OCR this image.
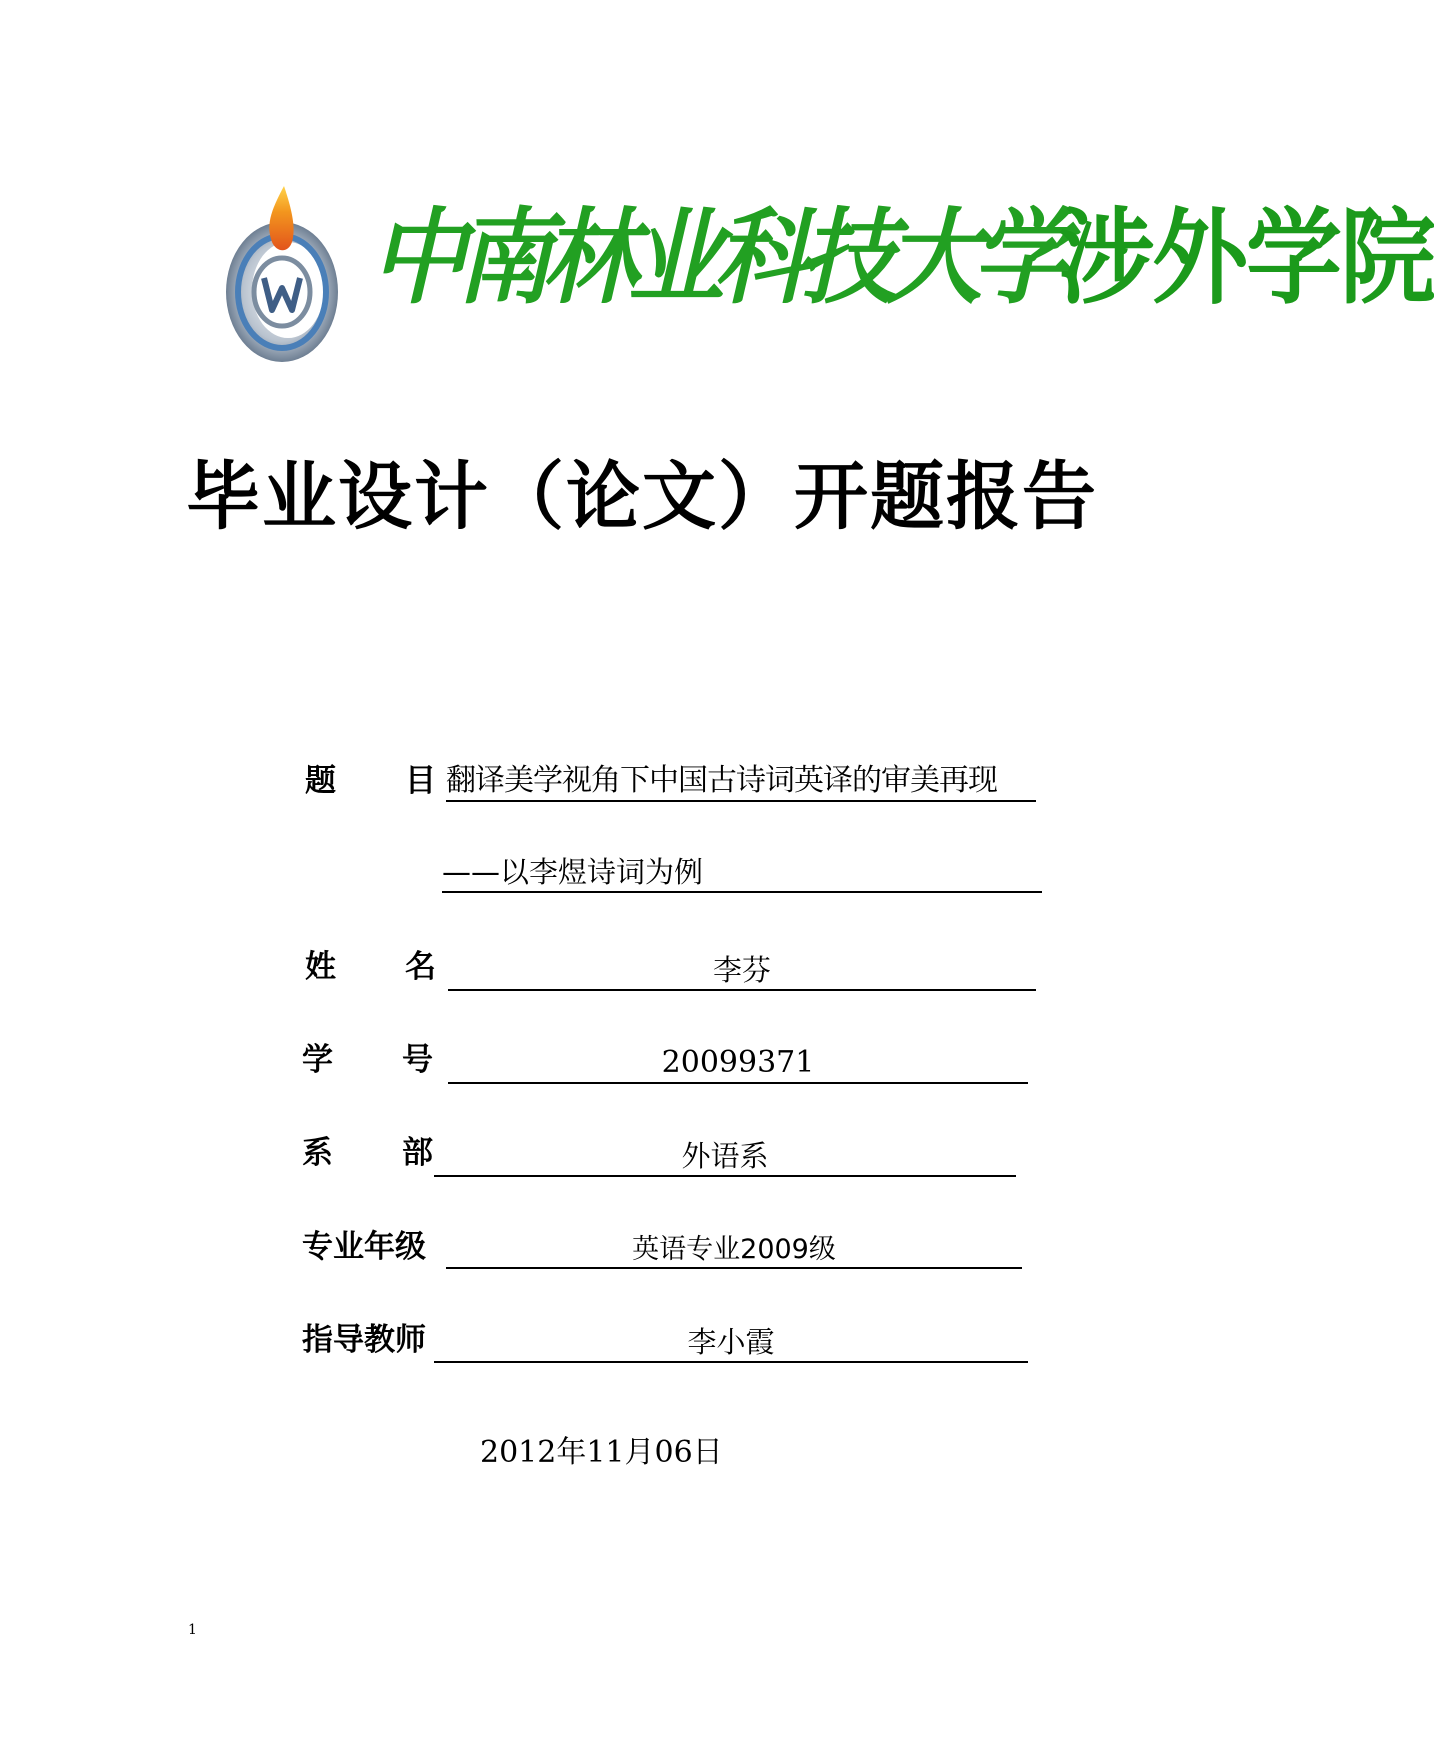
中南林业科技大学涉外学院
毕业设计（论文）开题报告
题 目 翻译美学视角下中国古诗词英译的审美再现
——以李煜诗词为例
姓 名	李芬
学 号	20099371
系 部	外语系
专业年级	英语专业2009级
指导教师	李小霞
2012年11月06日
1
